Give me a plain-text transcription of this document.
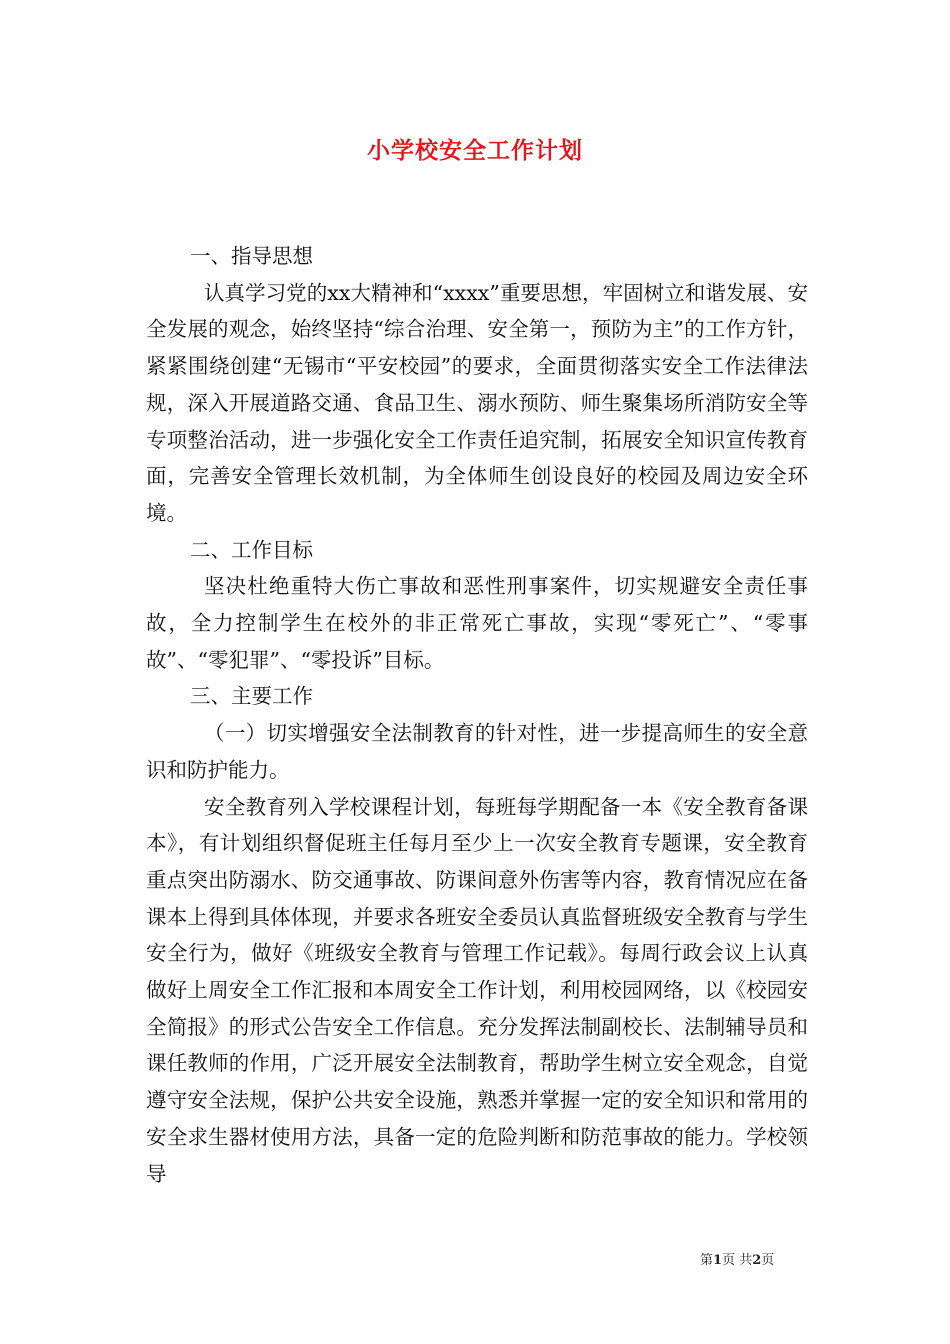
小学校安全工作计划

一、指导思想

认真学习党的xx大精神和“xxxx”重要思想，牢固树立和谐发展、安全发展的观念，始终坚持“综合治理、安全第一，预防为主”的工作方针，紧紧围绕创建“无锡市“平安校园”的要求，全面贯彻落实安全工作法律法规，深入开展道路交通、食品卫生、溺水预防、师生聚集场所消防安全等专项整治活动，进一步强化安全工作责任追究制，拓展安全知识宣传教育面，完善安全管理长效机制，为全体师生创设良好的校园及周边安全环境。

二、工作目标

坚决杜绝重特大伤亡事故和恶性刑事案件，切实规避安全责任事故，全力控制学生在校外的非正常死亡事故，实现“零死亡”、“零事故”、“零犯罪”、“零投诉”目标。

三、主要工作

（一）切实增强安全法制教育的针对性，进一步提高师生的安全意识和防护能力。

安全教育列入学校课程计划，每班每学期配备一本《安全教育备课本》，有计划组织督促班主任每月至少上一次安全教育专题课，安全教育重点突出防溺水、防交通事故、防课间意外伤害等内容，教育情况应在备课本上得到具体体现，并要求各班安全委员认真监督班级安全教育与学生安全行为，做好《班级安全教育与管理工作记载》。每周行政会议上认真做好上周安全工作汇报和本周安全工作计划，利用校园网络，以《校园安全简报》的形式公告安全工作信息。充分发挥法制副校长、法制辅导员和课任教师的作用，广泛开展安全法制教育，帮助学生树立安全观念，自觉遵守安全法规，保护公共安全设施，熟悉并掌握一定的安全知识和常用的安全求生器材使用方法，具备一定的危险判断和防范事故的能力。学校领导

第1页 共2页
